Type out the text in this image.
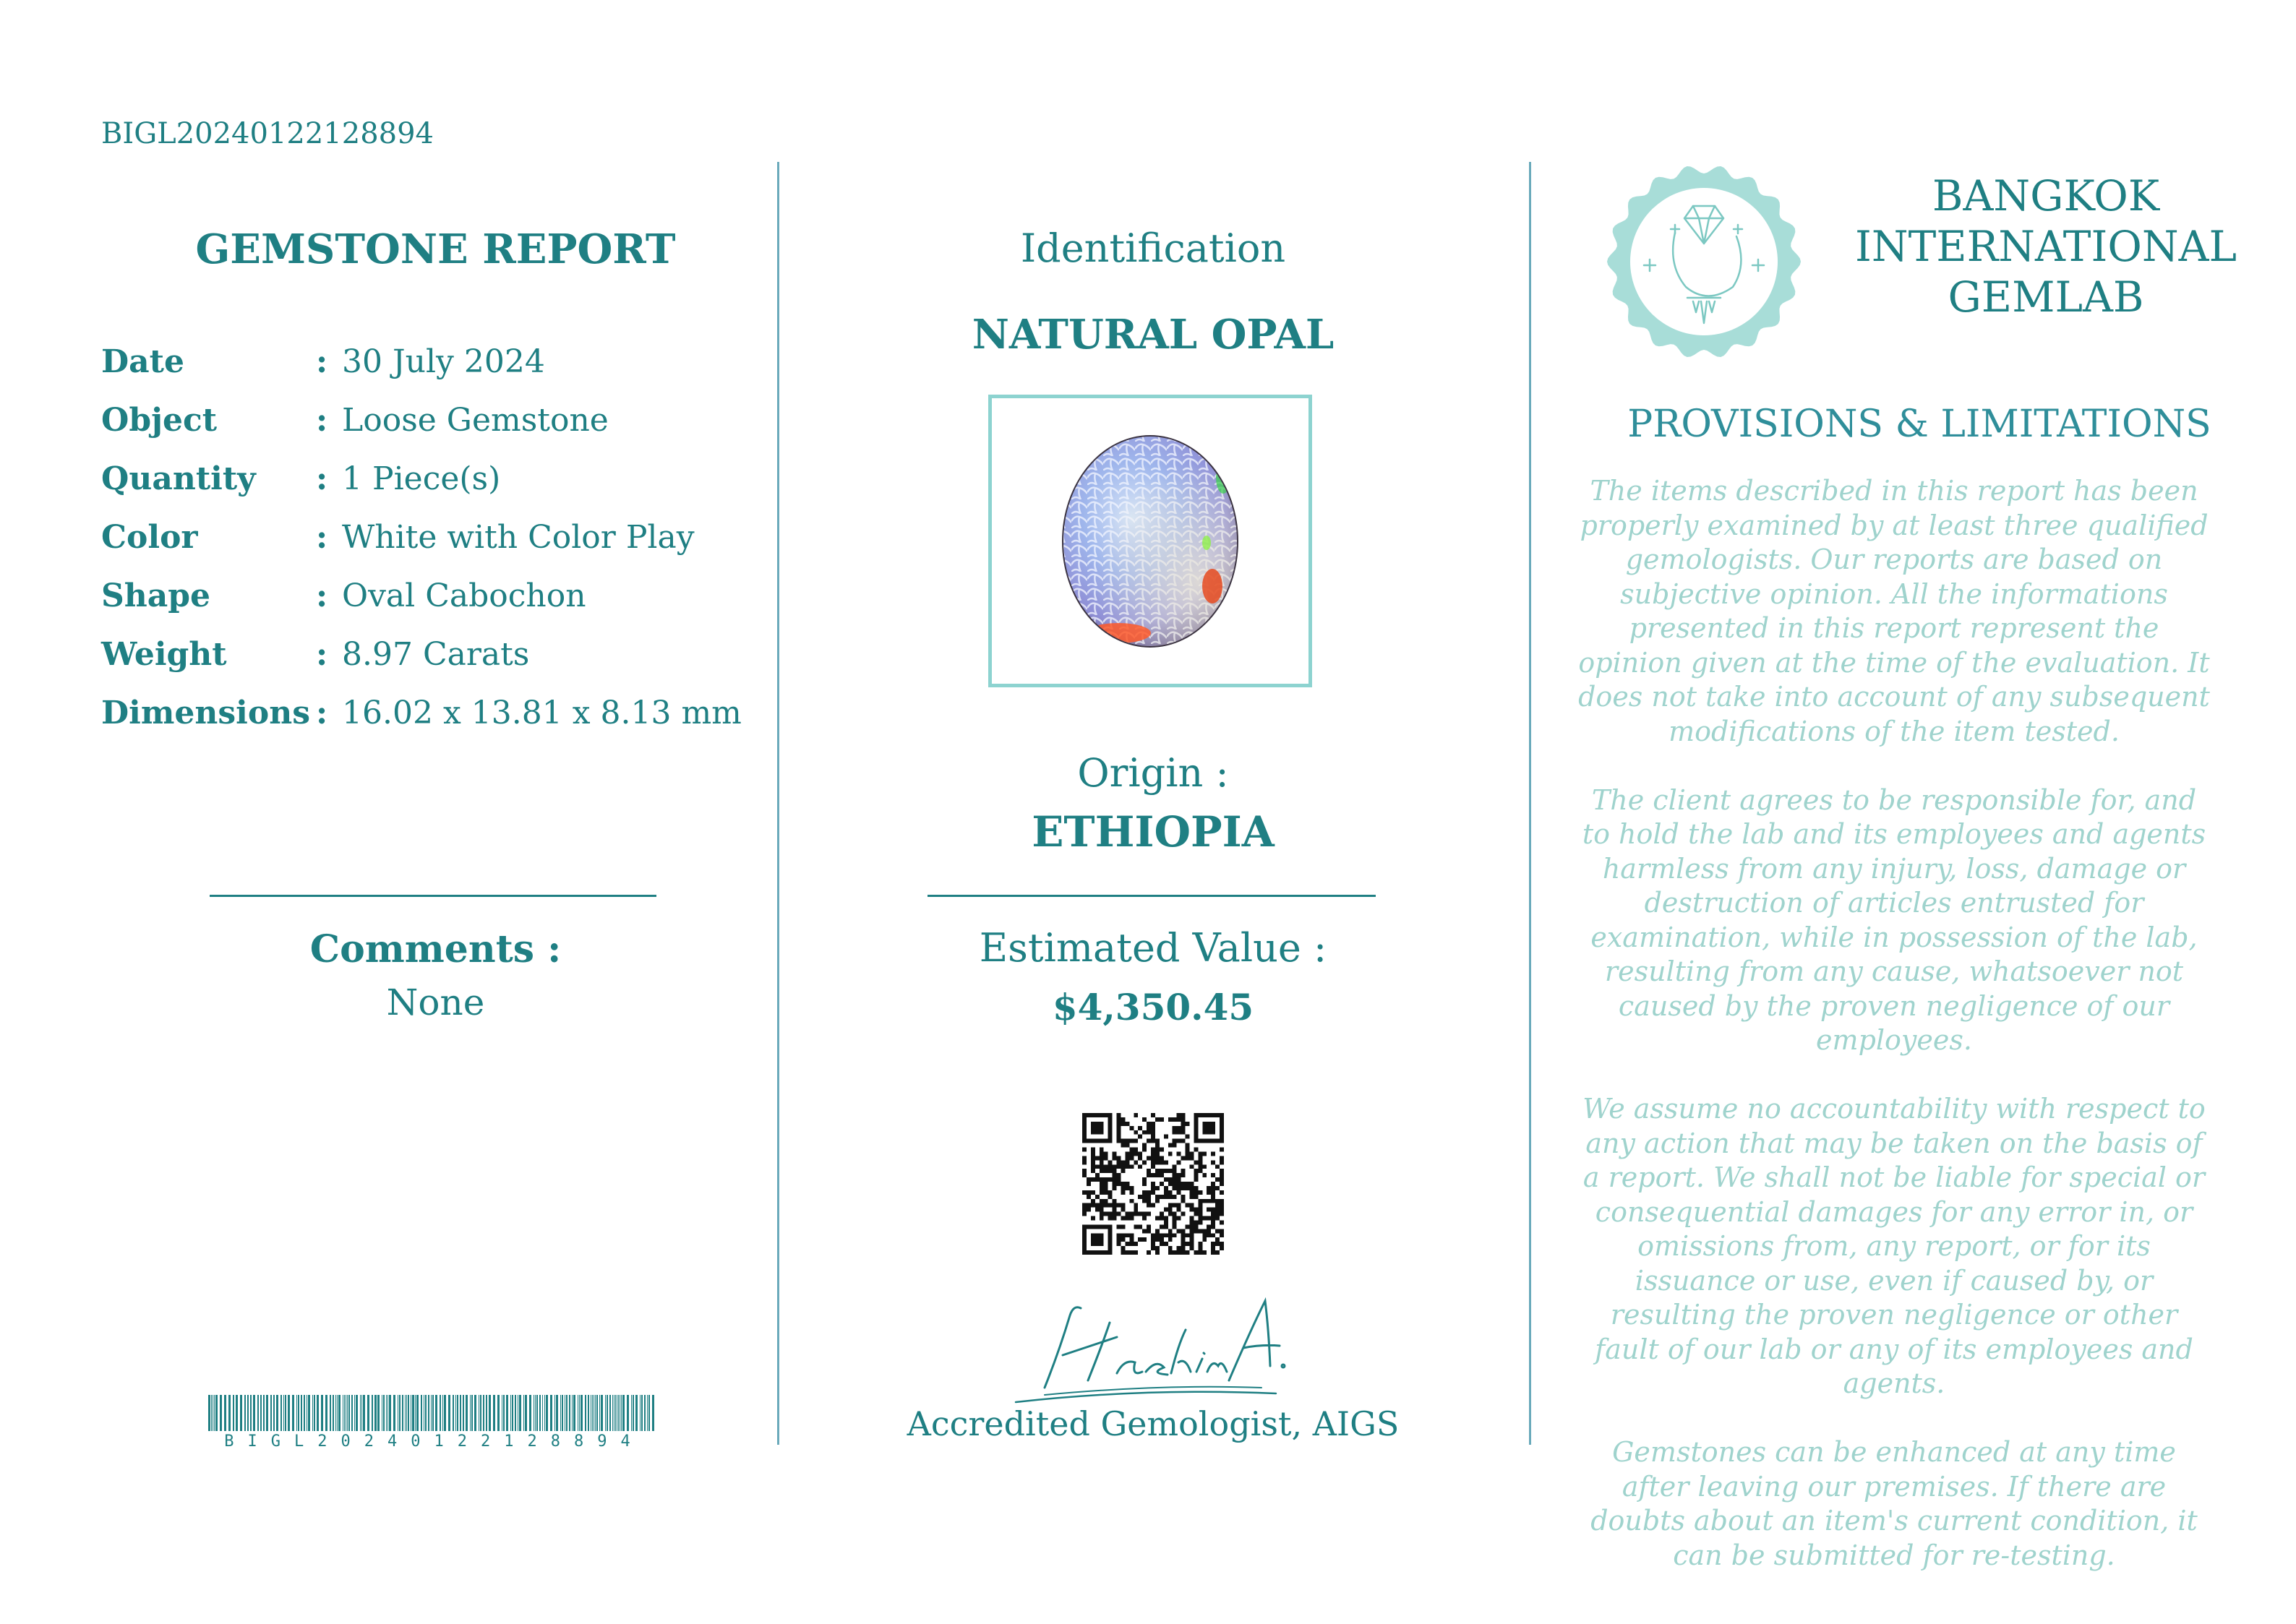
BIGL20240122128894
GEMSTONE REPORT
Date	: 30 July 2024
Object	: Loose Gemstone
Quantity : 1 Piece(s)
Color	: White with Color Play
Shape	: Oval Cabochon
Weight	: 8.97 Carats
Dimensions : 16.02 x 13.81 x 8.13 mm
Comments :
None
BIGL20240122128894
Identification
NATURAL OPAL
Origin :
ETHIOPIA
Estimated Value :
$4,350.45
Accredited Gemologist, AIGS
BANGKOK
INTERNATIONAL
GEMLAB
PROVISIONS & LIMITATIONS

The items described in this report has been properly examined by at least three qualified gemologists. Our reports are based on subjective opinion. All the informations presented in this report represent the opinion given at the time of the evaluation. It does not take into account of any subsequent modifications of the item tested.

The client agrees to be responsible for, and to hold the lab and its employees and agents harmless from any injury, loss, damage or destruction of articles entrusted for examination, while in possession of the lab, resulting from any cause, whatsoever not caused by the proven negligence of our employees.

We assume no accountability with respect to any action that may be taken on the basis of a report. We shall not be liable for special or consequential damages for any error in, or omissions from, any report, or for its issuance or use, even if caused by, or resulting the proven negligence or other fault of our lab or any of its employees and agents.

Gemstones can be enhanced at any time after leaving our premises. If there are doubts about an item's current condition, it can be submitted for re-testing.
